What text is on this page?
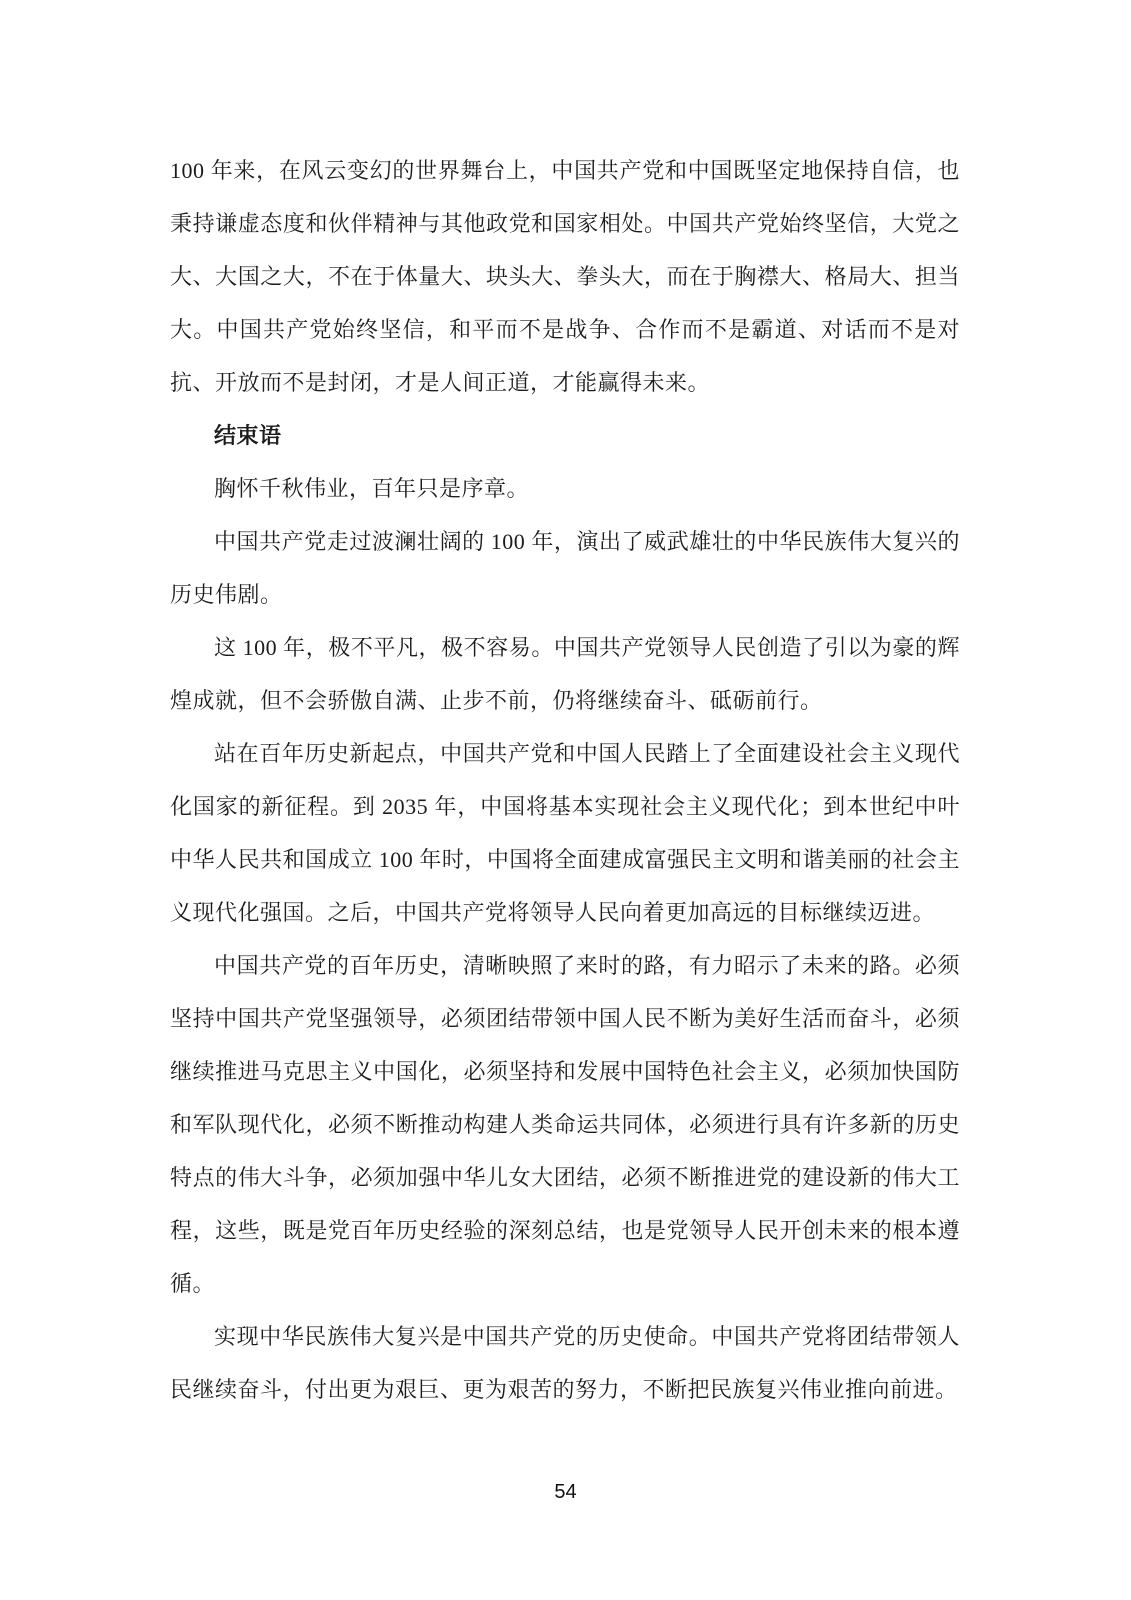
100 年来，在风云变幻的世界舞台上，中国共产党和中国既坚定地保持自信，也秉持谦虚态度和伙伴精神与其他政党和国家相处。中国共产党始终坚信，大党之大、大国之大，不在于体量大、块头大、拳头大，而在于胸襟大、格局大、担当大。中国共产党始终坚信，和平而不是战争、合作而不是霸道、对话而不是对抗、开放而不是封闭，才是人间正道，才能赢得未来。

结束语

胸怀千秋伟业，百年只是序章。

中国共产党走过波澜壮阔的 100 年，演出了威武雄壮的中华民族伟大复兴的历史伟剧。

这 100 年，极不平凡，极不容易。中国共产党领导人民创造了引以为豪的辉煌成就，但不会骄傲自满、止步不前，仍将继续奋斗、砥砺前行。

站在百年历史新起点，中国共产党和中国人民踏上了全面建设社会主义现代化国家的新征程。到 2035 年，中国将基本实现社会主义现代化；到本世纪中叶中华人民共和国成立 100 年时，中国将全面建成富强民主文明和谐美丽的社会主义现代化强国。之后，中国共产党将领导人民向着更加高远的目标继续迈进。

中国共产党的百年历史，清晰映照了来时的路，有力昭示了未来的路。必须坚持中国共产党坚强领导，必须团结带领中国人民不断为美好生活而奋斗，必须继续推进马克思主义中国化，必须坚持和发展中国特色社会主义，必须加快国防和军队现代化，必须不断推动构建人类命运共同体，必须进行具有许多新的历史特点的伟大斗争，必须加强中华儿女大团结，必须不断推进党的建设新的伟大工程，这些，既是党百年历史经验的深刻总结，也是党领导人民开创未来的根本遵循。

实现中华民族伟大复兴是中国共产党的历史使命。中国共产党将团结带领人民继续奋斗，付出更为艰巨、更为艰苦的努力，不断把民族复兴伟业推向前进。

54
